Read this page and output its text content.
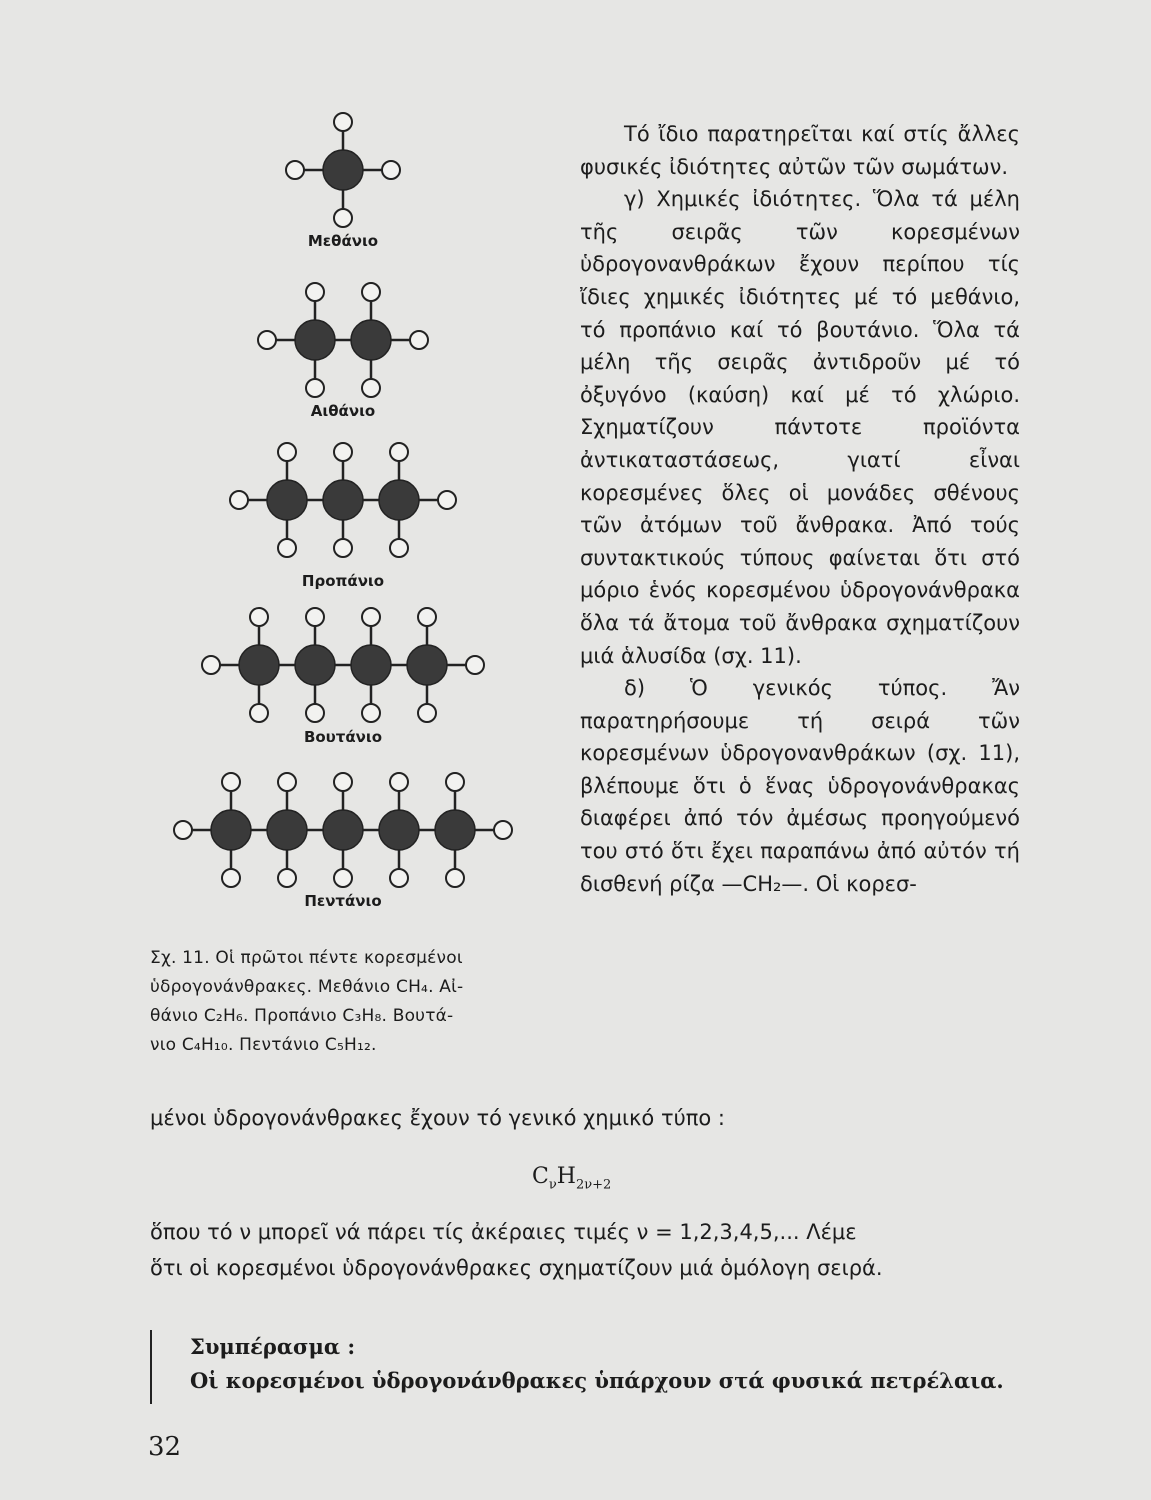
Μεθάνιο
Αιθάνιο
Προπάνιο
Βουτάνιο
Πεντάνιο
Σχ. 11. Οἱ πρῶτοι πέντε κορεσμένοι
ὑδρογονάνθρακες. Μεθάνιο CH₄. Αἰ-
θάνιο C₂H₆. Προπάνιο C₃H₈. Βουτά-
νιο C₄H₁₀. Πεντάνιο C₅H₁₂.

Τό ἴδιο παρατηρεῖται καί στίς ἄλλες φυσικές ἰδιότητες αὐτῶν τῶν σωμάτων.

γ) Χημικές ἰδιότητες. Ὅλα τά μέλη τῆς σειρᾶς τῶν κορεσμένων ὑδρογονανθράκων ἔχουν περίπου τίς ἴδιες χημικές ἰδιότητες μέ τό μεθάνιο, τό προπάνιο καί τό βουτάνιο. Ὅλα τά μέλη τῆς σειρᾶς ἀντιδροῦν μέ τό ὀξυγόνο (καύση) καί μέ τό χλώριο. Σχηματίζουν πάντοτε προϊόντα ἀντικαταστάσεως, γιατί εἶναι κορεσμένες ὅλες οἱ μονάδες σθένους τῶν ἀτόμων τοῦ ἄνθρακα. Ἀπό τούς συντακτικούς τύπους φαίνεται ὅτι στό μόριο ἑνός κορεσμένου ὑδρογονάνθρακα ὅλα τά ἄτομα τοῦ ἄνθρακα σχηματίζουν μιά ἁλυσίδα (σχ. 11).

δ) Ὁ γενικός τύπος. Ἄν παρατηρήσουμε τή σειρά τῶν κορεσμένων ὑδρογονανθράκων (σχ. 11), βλέπουμε ὅτι ὁ ἕνας ὑδρογονάνθρακας διαφέρει ἀπό τόν ἀμέσως προηγούμενό του στό ὅτι ἔχει παραπάνω ἀπό αὐτόν τή δισθενή ρίζα —CH₂—. Οἱ κορεσ-

μένοι ὑδρογονάνθρακες ἔχουν τό γενικό χημικό τύπο :
$C_\nu H_{2\nu+2}$
ὅπου τό ν μπορεῖ νά πάρει τίς ἀκέραιες τιμές ν = 1,2,3,4,5,... Λέμε
ὅτι οἱ κορεσμένοι ὑδρογονάνθρακες σχηματίζουν μιά ὁμόλογη σειρά.
Συμπέρασμα :
Οἱ κορεσμένοι ὑδρογονάνθρακες ὑπάρχουν στά φυσικά πετρέλαια.
32
